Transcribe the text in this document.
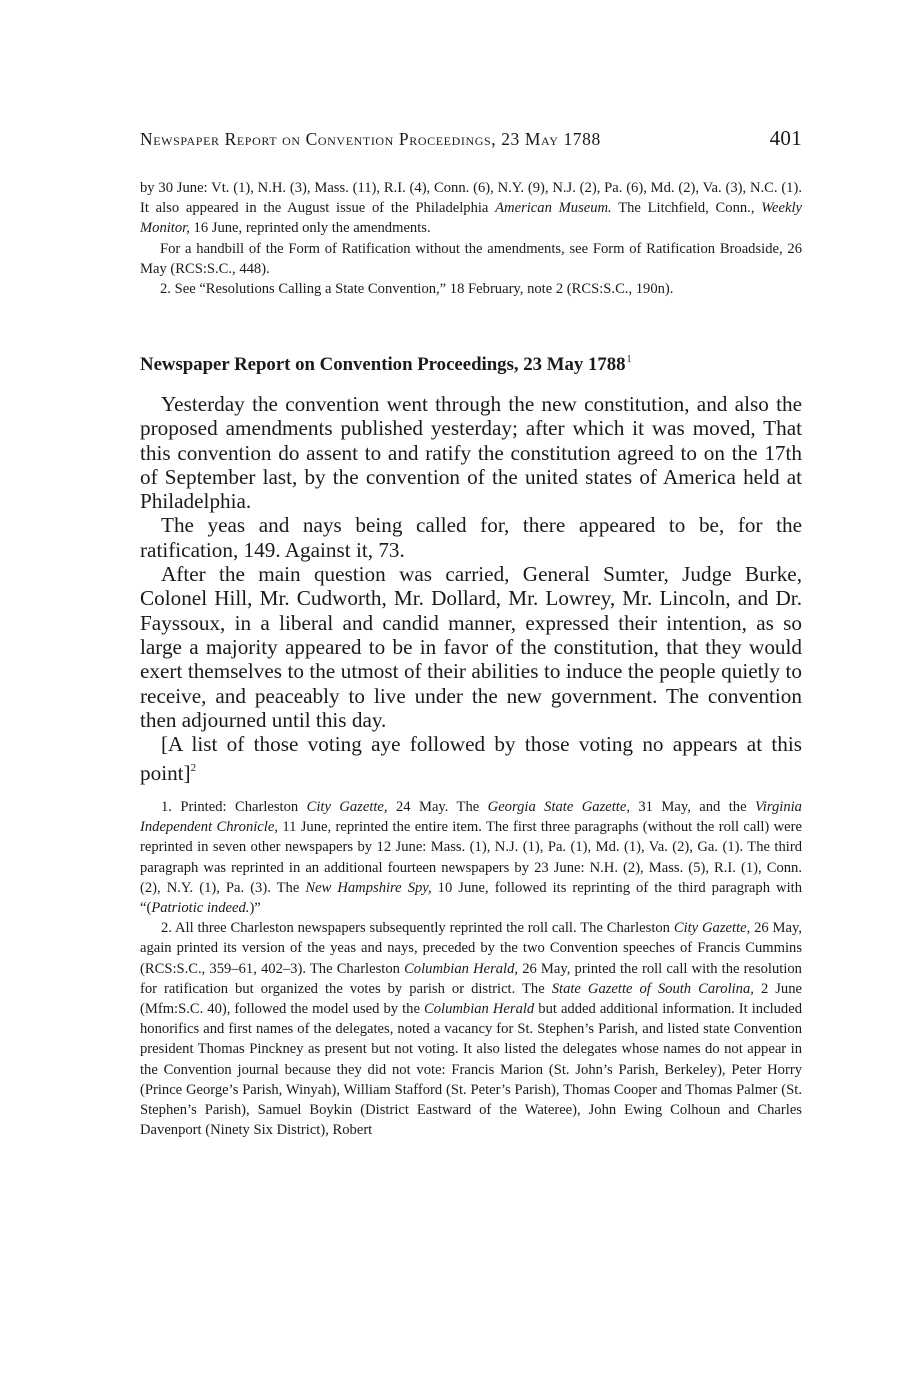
Newspaper Report on Convention Proceedings, 23 May 1788	401

by 30 June: Vt. (1), N.H. (3), Mass. (11), R.I. (4), Conn. (6), N.Y. (9), N.J. (2), Pa. (6), Md. (2), Va. (3), N.C. (1). It also appeared in the August issue of the Philadelphia American Museum. The Litchfield, Conn., Weekly Monitor, 16 June, reprinted only the amendments.

For a handbill of the Form of Ratification without the amendments, see Form of Ratification Broadside, 26 May (RCS:S.C., 448).

2. See “Resolutions Calling a State Convention,” 18 February, note 2 (RCS:S.C., 190n).

Newspaper Report on Convention Proceedings, 23 May 1788$^1$

Yesterday the convention went through the new constitution, and also the proposed amendments published yesterday; after which it was moved, That this convention do assent to and ratify the constitution agreed to on the 17th of September last, by the convention of the united states of America held at Philadelphia.

The yeas and nays being called for, there appeared to be, for the ratification, 149. Against it, 73.

After the main question was carried, General Sumter, Judge Burke, Colonel Hill, Mr. Cudworth, Mr. Dollard, Mr. Lowrey, Mr. Lincoln, and Dr. Fayssoux, in a liberal and candid manner, expressed their intention, as so large a majority appeared to be in favor of the constitution, that they would exert themselves to the utmost of their abilities to induce the people quietly to receive, and peaceably to live under the new government. The convention then adjourned until this day.

[A list of those voting aye followed by those voting no appears at this point]$^2$

1. Printed: Charleston City Gazette, 24 May. The Georgia State Gazette, 31 May, and the Virginia Independent Chronicle, 11 June, reprinted the entire item. The first three paragraphs (without the roll call) were reprinted in seven other newspapers by 12 June: Mass. (1), N.J. (1), Pa. (1), Md. (1), Va. (2), Ga. (1). The third paragraph was reprinted in an additional fourteen newspapers by 23 June: N.H. (2), Mass. (5), R.I. (1), Conn. (2), N.Y. (1), Pa. (3). The New Hampshire Spy, 10 June, followed its reprinting of the third paragraph with “(Patriotic indeed.)”

2. All three Charleston newspapers subsequently reprinted the roll call. The Charleston City Gazette, 26 May, again printed its version of the yeas and nays, preceded by the two Convention speeches of Francis Cummins (RCS:S.C., 359–61, 402–3). The Charleston Columbian Herald, 26 May, printed the roll call with the resolution for ratification but organized the votes by parish or district. The State Gazette of South Carolina, 2 June (Mfm:S.C. 40), followed the model used by the Columbian Herald but added additional information. It included honorifics and first names of the delegates, noted a vacancy for St. Stephen’s Parish, and listed state Convention president Thomas Pinckney as present but not voting. It also listed the delegates whose names do not appear in the Convention journal because they did not vote: Francis Marion (St. John’s Parish, Berkeley), Peter Horry (Prince George’s Parish, Winyah), William Stafford (St. Peter’s Parish), Thomas Cooper and Thomas Palmer (St. Stephen’s Parish), Samuel Boykin (District Eastward of the Wateree), John Ewing Colhoun and Charles Davenport (Ninety Six District), Robert
